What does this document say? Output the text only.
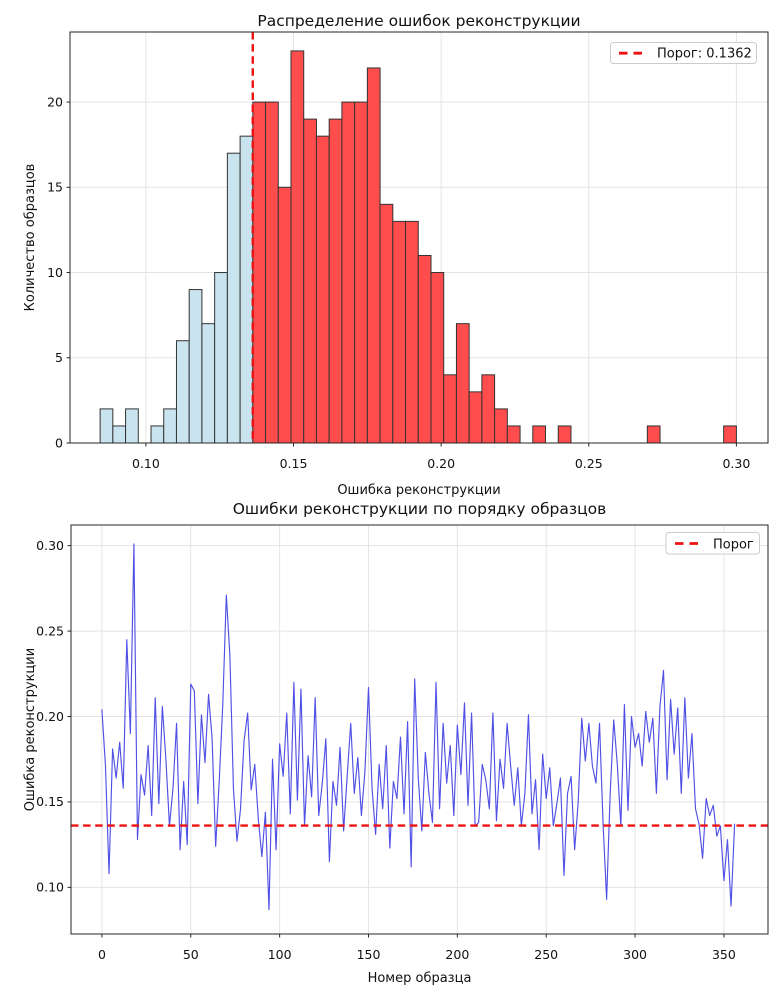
0.10	0.15	0.20	0.25	0.30
0
5
10
15
20
Распределение ошибок реконструкции
Ошибка реконструкции
Количество образцов
Порог: 0.1362
0	50	100	150	200	250	300	350
0.10
0.15
0.20
0.25
0.30
Ошибки реконструкции по порядку образцов
Номер образца
Ошибка реконструкции
Порог
